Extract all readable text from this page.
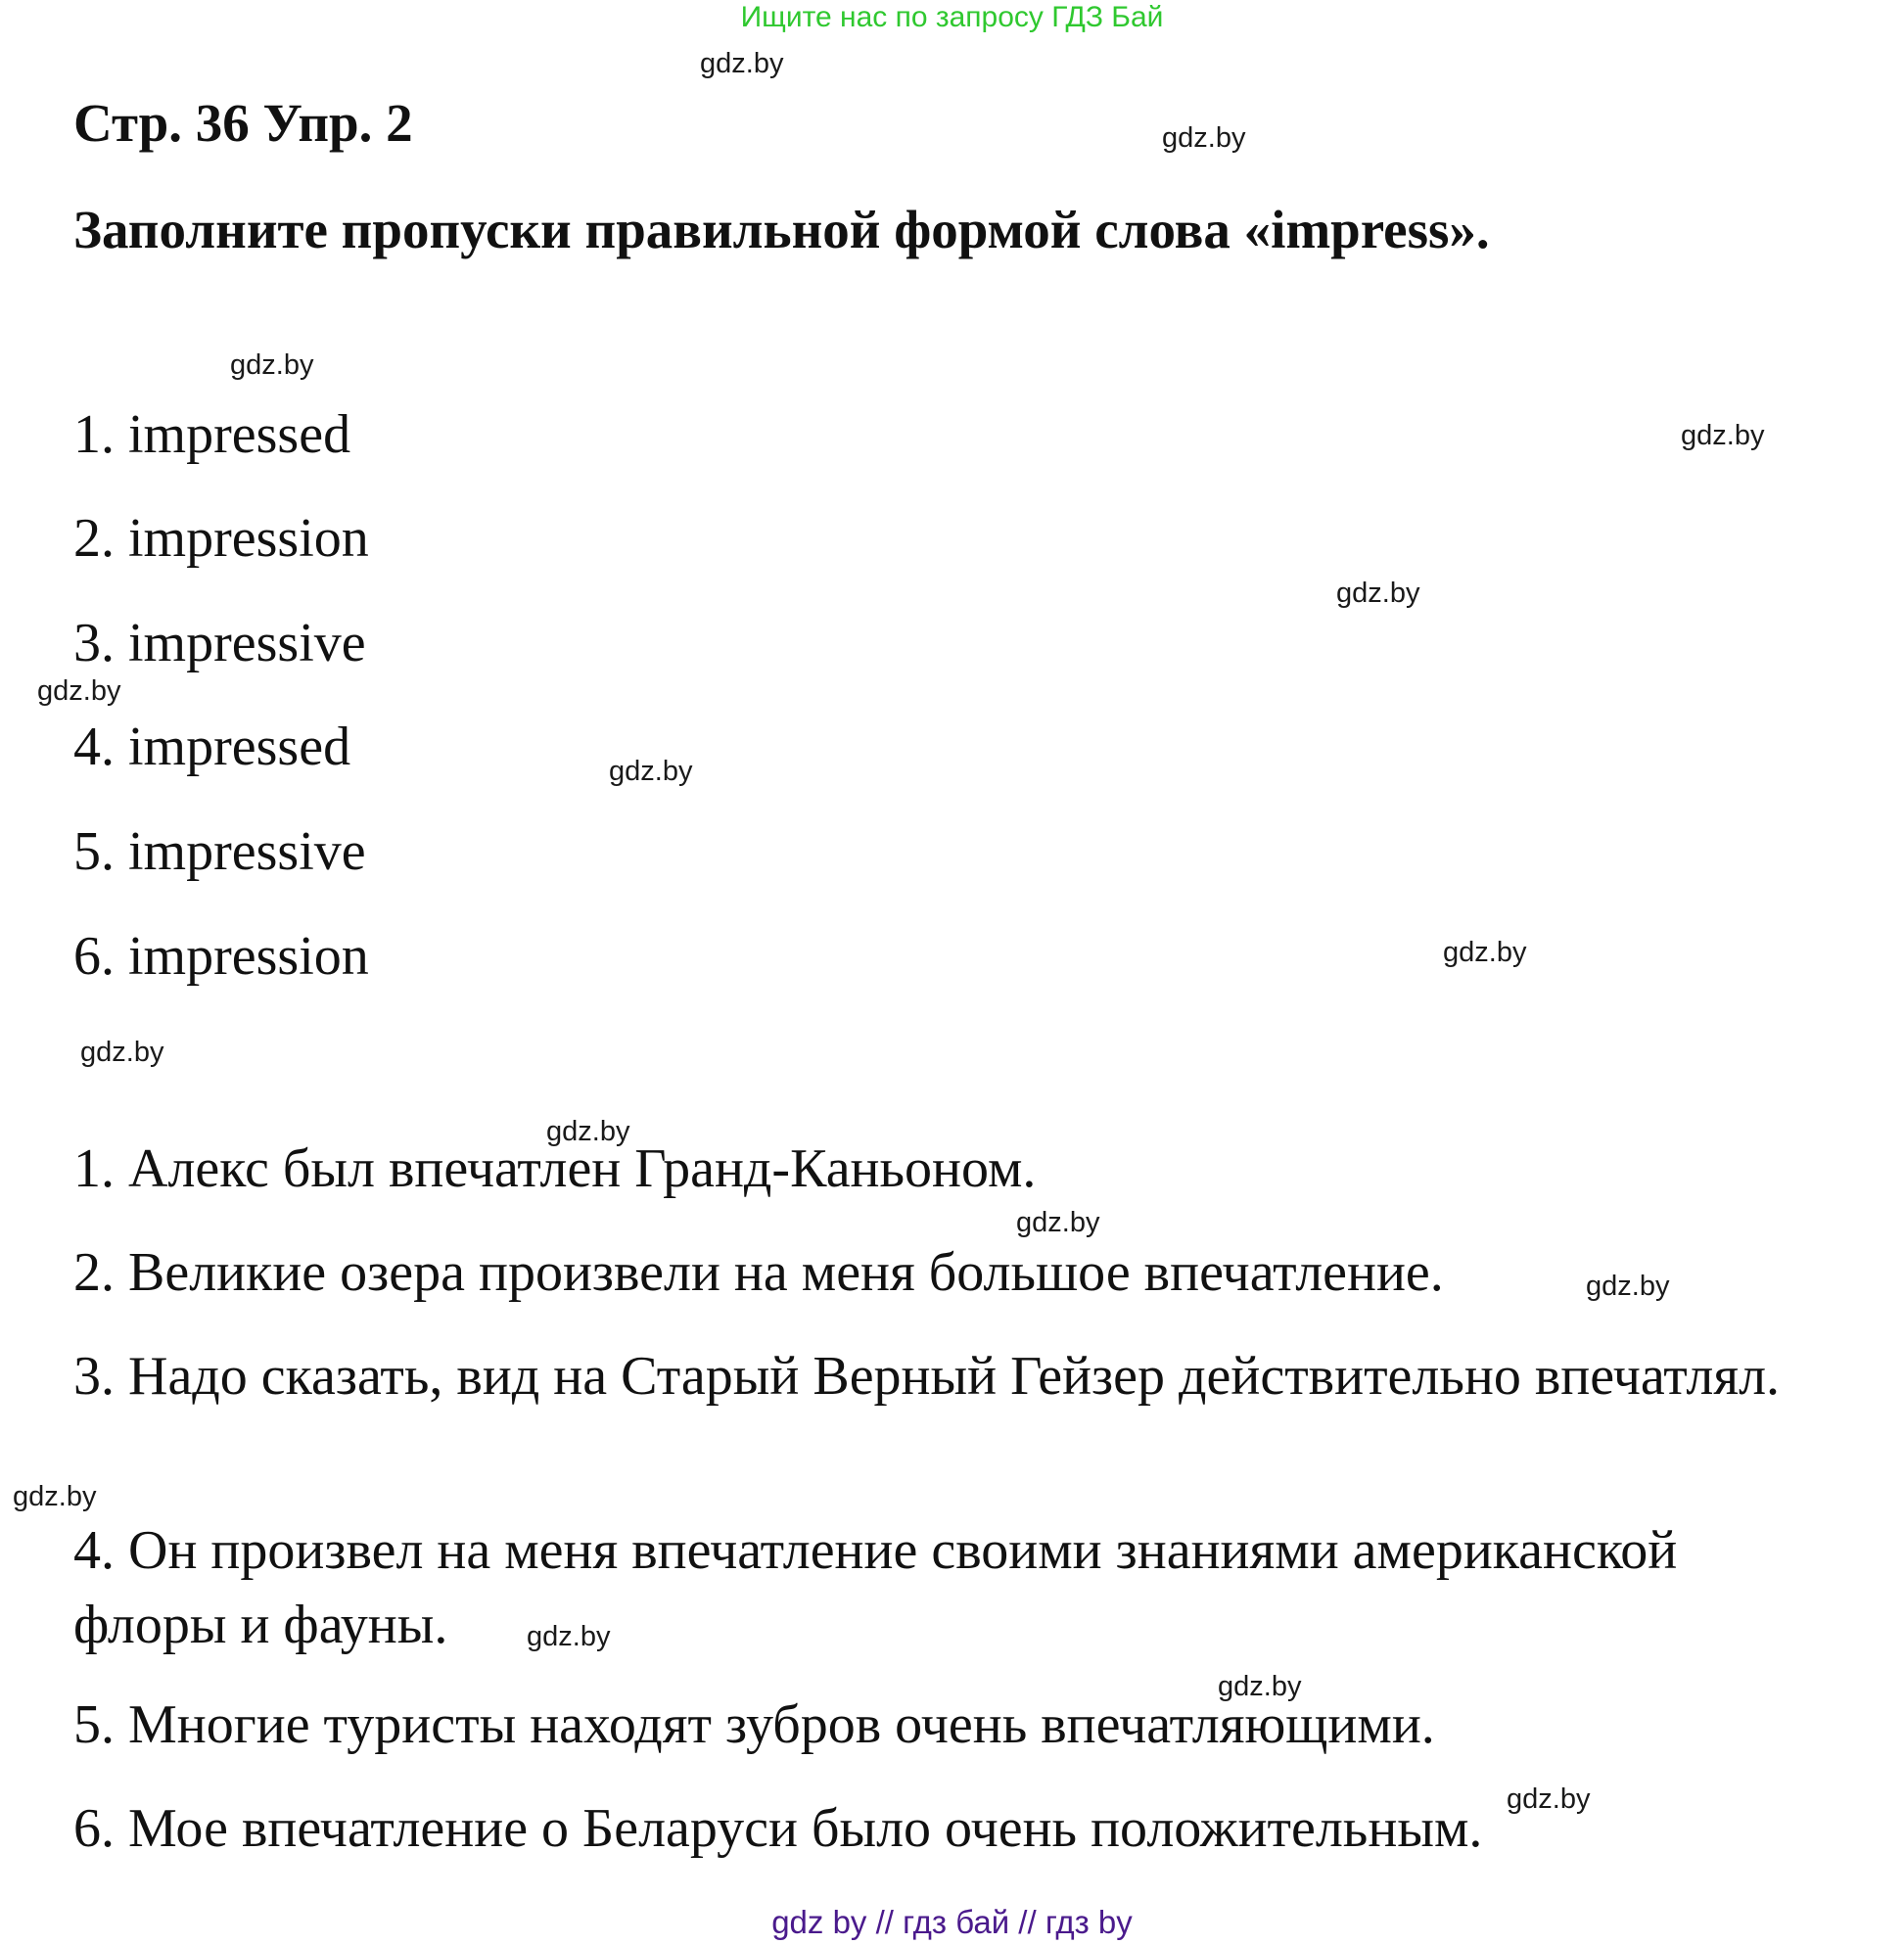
Ищите нас по запросу ГДЗ Бай
Стр. 36 Упр. 2
Заполните пропуски правильной формой слова «impress».
1. impressed
2. impression
3. impressive
4. impressed
5. impressive
6. impression
1. Алекс был впечатлен Гранд-Каньоном.
2. Великие озера произвели на меня большое впечатление.
3. Надо сказать, вид на Старый Верный Гейзер действительно впечатлял.
4. Он произвел на меня впечатление своими знаниями американской флоры и фауны.
5. Многие туристы находят зубров очень впечатляющими.
6. Мое впечатление о Беларуси было очень положительным.
gdz.by
gdz.by
gdz.by
gdz.by
gdz.by
gdz.by
gdz.by
gdz.by
gdz.by
gdz.by
gdz.by
gdz.by
gdz.by
gdz.by
gdz.by
gdz.by
gdz by // гдз бай // гдз by
